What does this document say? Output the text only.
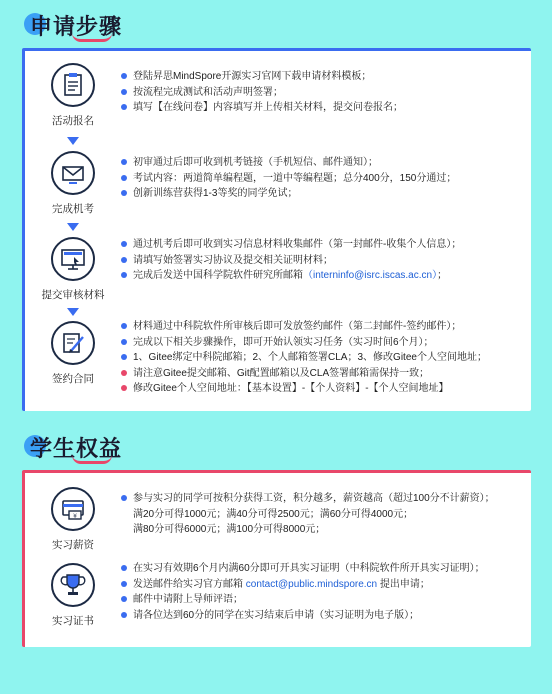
申请步骤
活动报名
登陆昇思MindSpore开源实习官网下载申请材料模板；
按流程完成测试和活动声明签署；
填写【在线问卷】内容填写并上传相关材料，提交问卷报名；
完成机考
初审通过后即可收到机考链接（手机短信、邮件通知）；
考试内容：两道简单编程题，一道中等编程题；总分400分，150分通过；
创新训练营获得1-3等奖的同学免试；
提交审核材料
通过机考后即可收到实习信息材料收集邮件（第一封邮件-收集个人信息）；
请填写始签署实习协议及提交相关证明材料；
完成后发送中国科学院软件研究所邮箱（interninfo@isrc.iscas.ac.cn）；
签约合同
材料通过中科院软件所审核后即可发放签约邮件（第二封邮件-签约邮件）；
完成以下相关步骤操作，即可开始认领实习任务（实习时间6个月）；
1、Gitee绑定中科院邮箱；2、个人邮箱签署CLA；3、修改Gitee个人空间地址；
请注意Gitee提交邮箱、Git配置邮箱以及CLA签署邮箱需保持一致；
修改Gitee个人空间地址：【基本设置】-【个人资料】-【个人空间地址】
学生权益
¥
实习薪资
参与实习的同学可按积分获得工资，积分越多，薪资越高（超过100分不计薪资）；
满20分可得1000元；满40分可得2500元；满60分可得4000元；
满80分可得6000元；满100分可得8000元；
实习证书
在实习有效期6个月内满60分即可开具实习证明（中科院软件所开具实习证明）；
发送邮件给实习官方邮箱 contact@public.mindspore.cn 提出申请；
邮件中请附上导师评语；
请各位达到60分的同学在实习结束后申请（实习证明为电子版）；
